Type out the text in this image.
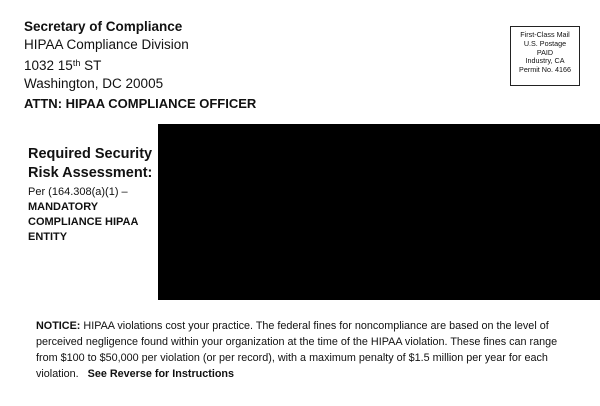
Secretary of Compliance
HIPAA Compliance Division
1032 15th ST
Washington, DC 20005
ATTN: HIPAA COMPLIANCE OFFICER
First-Class Mail
U.S. Postage
PAID
Industry, CA
Permit No. 4166
Required Security
Risk Assessment:
Per (164.308(a)(1) –
MANDATORY
COMPLIANCE HIPAA
ENTITY
NOTICE: HIPAA violations cost your practice. The federal fines for noncompliance are based on the level of perceived negligence found within your organization at the time of the HIPAA violation. These fines can range from $100 to $50,000 per violation (or per record), with a maximum penalty of $1.5 million per year for each violation. See Reverse for Instructions
